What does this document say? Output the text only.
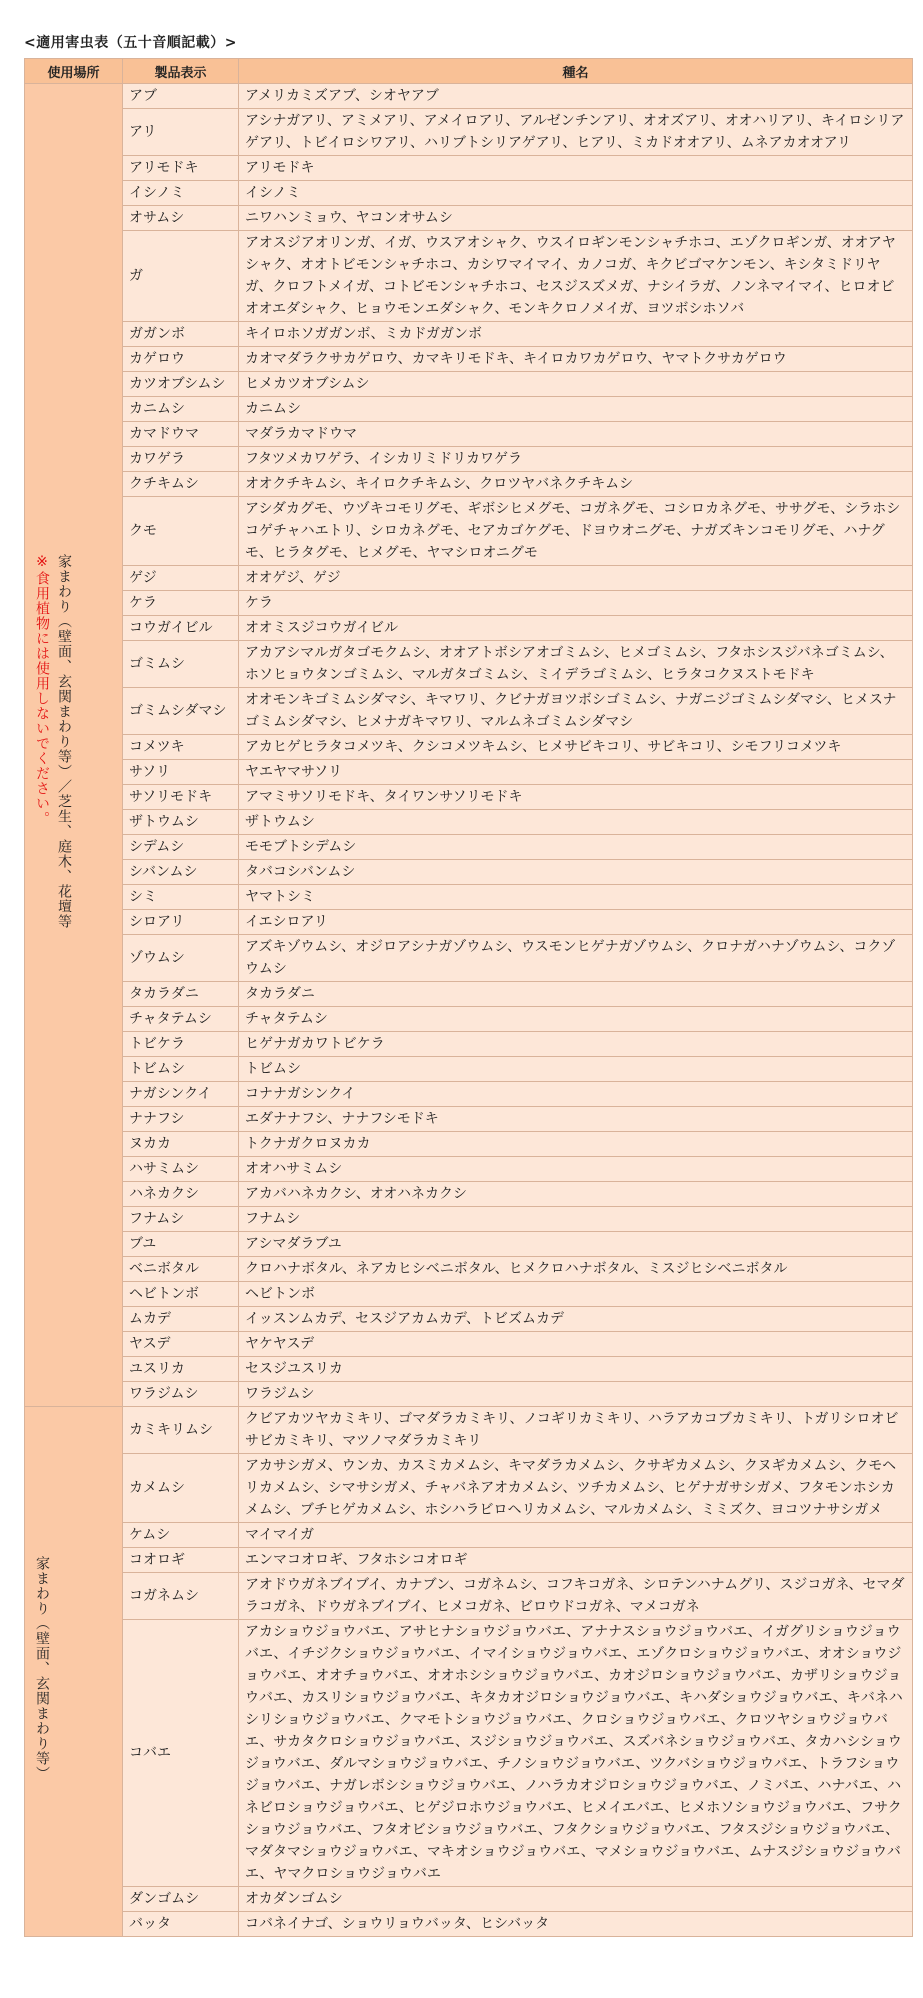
<適用害虫表（五十音順記載）>
使用場所	製品表示	種名
家まわり（壁面、玄関まわり等）／芝生、庭木、花壇等
※食用植物には使用しないでください。	アブ	アメリカミズアブ、シオヤアブ
	アリ	アシナガアリ、アミメアリ、アメイロアリ、アルゼンチンアリ、オオズアリ、オオハリアリ、キイロシリアゲアリ、トビイロシワアリ、ハリブトシリアゲアリ、ヒアリ、ミカドオオアリ、ムネアカオオアリ
	アリモドキ	アリモドキ
	イシノミ	イシノミ
	オサムシ	ニワハンミョウ、ヤコンオサムシ
	ガ	アオスジアオリンガ、イガ、ウスアオシャク、ウスイロギンモンシャチホコ、エゾクロギンガ、オオアヤシャク、オオトビモンシャチホコ、カシワマイマイ、カノコガ、キクビゴマケンモン、キシタミドリヤガ、クロフトメイガ、コトビモンシャチホコ、セスジスズメガ、ナシイラガ、ノンネマイマイ、ヒロオビオオエダシャク、ヒョウモンエダシャク、モンキクロノメイガ、ヨツボシホソバ
	ガガンボ	キイロホソガガンボ、ミカドガガンボ
	カゲロウ	カオマダラクサカゲロウ、カマキリモドキ、キイロカワカゲロウ、ヤマトクサカゲロウ
	カツオブシムシ	ヒメカツオブシムシ
	カニムシ	カニムシ
	カマドウマ	マダラカマドウマ
	カワゲラ	フタツメカワゲラ、イシカリミドリカワゲラ
	クチキムシ	オオクチキムシ、キイロクチキムシ、クロツヤバネクチキムシ
	クモ	アシダカグモ、ウヅキコモリグモ、ギボシヒメグモ、コガネグモ、コシロカネグモ、ササグモ、シラホシコゲチャハエトリ、シロカネグモ、セアカゴケグモ、ドヨウオニグモ、ナガズキンコモリグモ、ハナグモ、ヒラタグモ、ヒメグモ、ヤマシロオニグモ
	ゲジ	オオゲジ、ゲジ
	ケラ	ケラ
	コウガイビル	オオミスジコウガイビル
	ゴミムシ	アカアシマルガタゴモクムシ、オオアトボシアオゴミムシ、ヒメゴミムシ、フタホシスジバネゴミムシ、ホソヒョウタンゴミムシ、マルガタゴミムシ、ミイデラゴミムシ、ヒラタコクヌストモドキ
	ゴミムシダマシ	オオモンキゴミムシダマシ、キマワリ、クビナガヨツボシゴミムシ、ナガニジゴミムシダマシ、ヒメスナゴミムシダマシ、ヒメナガキマワリ、マルムネゴミムシダマシ
	コメツキ	アカヒゲヒラタコメツキ、クシコメツキムシ、ヒメサビキコリ、サビキコリ、シモフリコメツキ
	サソリ	ヤエヤマサソリ
	サソリモドキ	アマミサソリモドキ、タイワンサソリモドキ
	ザトウムシ	ザトウムシ
	シデムシ	モモブトシデムシ
	シバンムシ	タバコシバンムシ
	シミ	ヤマトシミ
	シロアリ	イエシロアリ
	ゾウムシ	アズキゾウムシ、オジロアシナガゾウムシ、ウスモンヒゲナガゾウムシ、クロナガハナゾウムシ、コクゾウムシ
	タカラダニ	タカラダニ
	チャタテムシ	チャタテムシ
	トビケラ	ヒゲナガカワトビケラ
	トビムシ	トビムシ
	ナガシンクイ	コナナガシンクイ
	ナナフシ	エダナナフシ、ナナフシモドキ
	ヌカカ	トクナガクロヌカカ
	ハサミムシ	オオハサミムシ
	ハネカクシ	アカバハネカクシ、オオハネカクシ
	フナムシ	フナムシ
	ブユ	アシマダラブユ
	ベニボタル	クロハナボタル、ネアカヒシベニボタル、ヒメクロハナボタル、ミスジヒシベニボタル
	ヘビトンボ	ヘビトンボ
	ムカデ	イッスンムカデ、セスジアカムカデ、トビズムカデ
	ヤスデ	ヤケヤスデ
	ユスリカ	セスジユスリカ
	ワラジムシ	ワラジムシ
家まわり（壁面、玄関まわり等）	カミキリムシ	クビアカツヤカミキリ、ゴマダラカミキリ、ノコギリカミキリ、ハラアカコブカミキリ、トガリシロオビサビカミキリ、マツノマダラカミキリ
	カメムシ	アカサシガメ、ウンカ、カスミカメムシ、キマダラカメムシ、クサギカメムシ、クヌギカメムシ、クモヘリカメムシ、シマサシガメ、チャバネアオカメムシ、ツチカメムシ、ヒゲナガサシガメ、フタモンホシカメムシ、ブチヒゲカメムシ、ホシハラビロヘリカメムシ、マルカメムシ、ミミズク、ヨコツナサシガメ
	ケムシ	マイマイガ
	コオロギ	エンマコオロギ、フタホシコオロギ
	コガネムシ	アオドウガネブイブイ、カナブン、コガネムシ、コフキコガネ、シロテンハナムグリ、スジコガネ、セマダラコガネ、ドウガネブイブイ、ヒメコガネ、ビロウドコガネ、マメコガネ
	コバエ	アカショウジョウバエ、アサヒナショウジョウバエ、アナナスショウジョウバエ、イガグリショウジョウバエ、イチジクショウジョウバエ、イマイショウジョウバエ、エゾクロショウジョウバエ、オオショウジョウバエ、オオチョウバエ、オオホシショウジョウバエ、カオジロショウジョウバエ、カザリショウジョウバエ、カスリショウジョウバエ、キタカオジロショウジョウバエ、キハダショウジョウバエ、キバネハシリショウジョウバエ、クマモトショウジョウバエ、クロショウジョウバエ、クロツヤショウジョウバエ、サカタクロショウジョウバエ、スジショウジョウバエ、スズバネショウジョウバエ、タカハシショウジョウバエ、ダルマショウジョウバエ、チノショウジョウバエ、ツクバショウジョウバエ、トラフショウジョウバエ、ナガレボシショウジョウバエ、ノハラカオジロショウジョウバエ、ノミバエ、ハナバエ、ハネビロショウジョウバエ、ヒゲジロホウジョウバエ、ヒメイエバエ、ヒメホソショウジョウバエ、フサクショウジョウバエ、フタオビショウジョウバエ、フタクショウジョウバエ、フタスジショウジョウバエ、マダタマショウジョウバエ、マキオショウジョウバエ、マメショウジョウバエ、ムナスジショウジョウバエ、ヤマクロショウジョウバエ
	ダンゴムシ	オカダンゴムシ
	バッタ	コバネイナゴ、ショウリョウバッタ、ヒシバッタ
